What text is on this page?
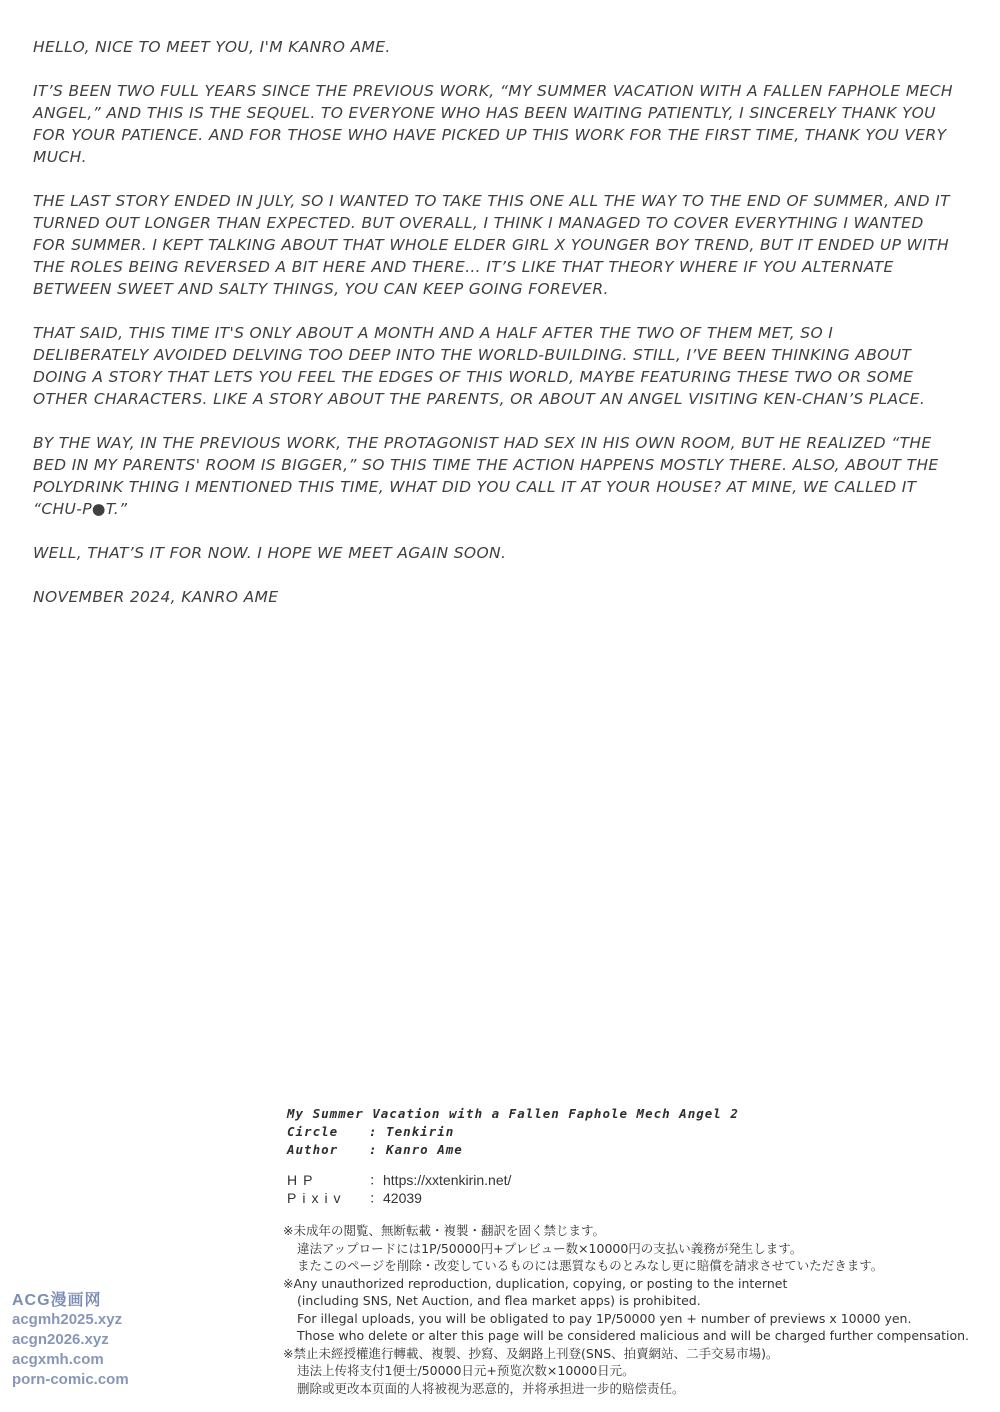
HELLO, NICE TO MEET YOU, I'M KANRO AME.

IT’S BEEN TWO FULL YEARS SINCE THE PREVIOUS WORK, “MY SUMMER VACATION WITH A FALLEN FAPHOLE MECH ANGEL,” AND THIS IS THE SEQUEL. TO EVERYONE WHO HAS BEEN WAITING PATIENTLY, I SINCERELY THANK YOU FOR YOUR PATIENCE. AND FOR THOSE WHO HAVE PICKED UP THIS WORK FOR THE FIRST TIME, THANK YOU VERY MUCH.

THE LAST STORY ENDED IN JULY, SO I WANTED TO TAKE THIS ONE ALL THE WAY TO THE END OF SUMMER, AND IT TURNED OUT LONGER THAN EXPECTED. BUT OVERALL, I THINK I MANAGED TO COVER EVERYTHING I WANTED FOR SUMMER. I KEPT TALKING ABOUT THAT WHOLE ELDER GIRL X YOUNGER BOY TREND, BUT IT ENDED UP WITH THE ROLES BEING REVERSED A BIT HERE AND THERE… IT’S LIKE THAT THEORY WHERE IF YOU ALTERNATE BETWEEN SWEET AND SALTY THINGS, YOU CAN KEEP GOING FOREVER.

THAT SAID, THIS TIME IT'S ONLY ABOUT A MONTH AND A HALF AFTER THE TWO OF THEM MET, SO I DELIBERATELY AVOIDED DELVING TOO DEEP INTO THE WORLD-BUILDING. STILL, I’VE BEEN THINKING ABOUT DOING A STORY THAT LETS YOU FEEL THE EDGES OF THIS WORLD, MAYBE FEATURING THESE TWO OR SOME OTHER CHARACTERS. LIKE A STORY ABOUT THE PARENTS, OR ABOUT AN ANGEL VISITING KEN-CHAN’S PLACE.

BY THE WAY, IN THE PREVIOUS WORK, THE PROTAGONIST HAD SEX IN HIS OWN ROOM, BUT HE REALIZED “THE BED IN MY PARENTS' ROOM IS BIGGER,” SO THIS TIME THE ACTION HAPPENS MOSTLY THERE. ALSO, ABOUT THE POLYDRINK THING I MENTIONED THIS TIME, WHAT DID YOU CALL IT AT YOUR HOUSE? AT MINE, WE CALLED IT “CHU-P●T.”

WELL, THAT’S IT FOR NOW. I HOPE WE MEET AGAIN SOON.

NOVEMBER 2024, KANRO AME

My Summer Vacation with a Fallen Faphole Mech Angel 2
Circle	: Tenkirin
Author	: Kanro Ame
HP	：https://xxtenkirin.net/
Pixiv	：42039
※未成年の閲覧、無断転載・複製・翻訳を固く禁じます。
違法アップロードには1P/50000円+プレビュー数×10000円の支払い義務が発生します。
またこのページを削除・改変しているものには悪質なものとみなし更に賠償を請求させていただきます。
※Any unauthorized reproduction, duplication, copying, or posting to the internet
(including SNS, Net Auction, and flea market apps) is prohibited.
For illegal uploads, you will be obligated to pay 1P/50000 yen + number of previews x 10000 yen.
Those who delete or alter this page will be considered malicious and will be charged further compensation.
※禁止未經授權進行轉載、複製、抄寫、及網路上刊登(SNS、拍賣網站、二手交易市場)。
违法上传将支付1便士/50000日元+预览次数×10000日元。
删除或更改本页面的人将被视为恶意的，并将承担进一步的赔偿责任。
ACG漫画网
acgmh2025.xyz
acgn2026.xyz
acgxmh.com
porn-comic.com
